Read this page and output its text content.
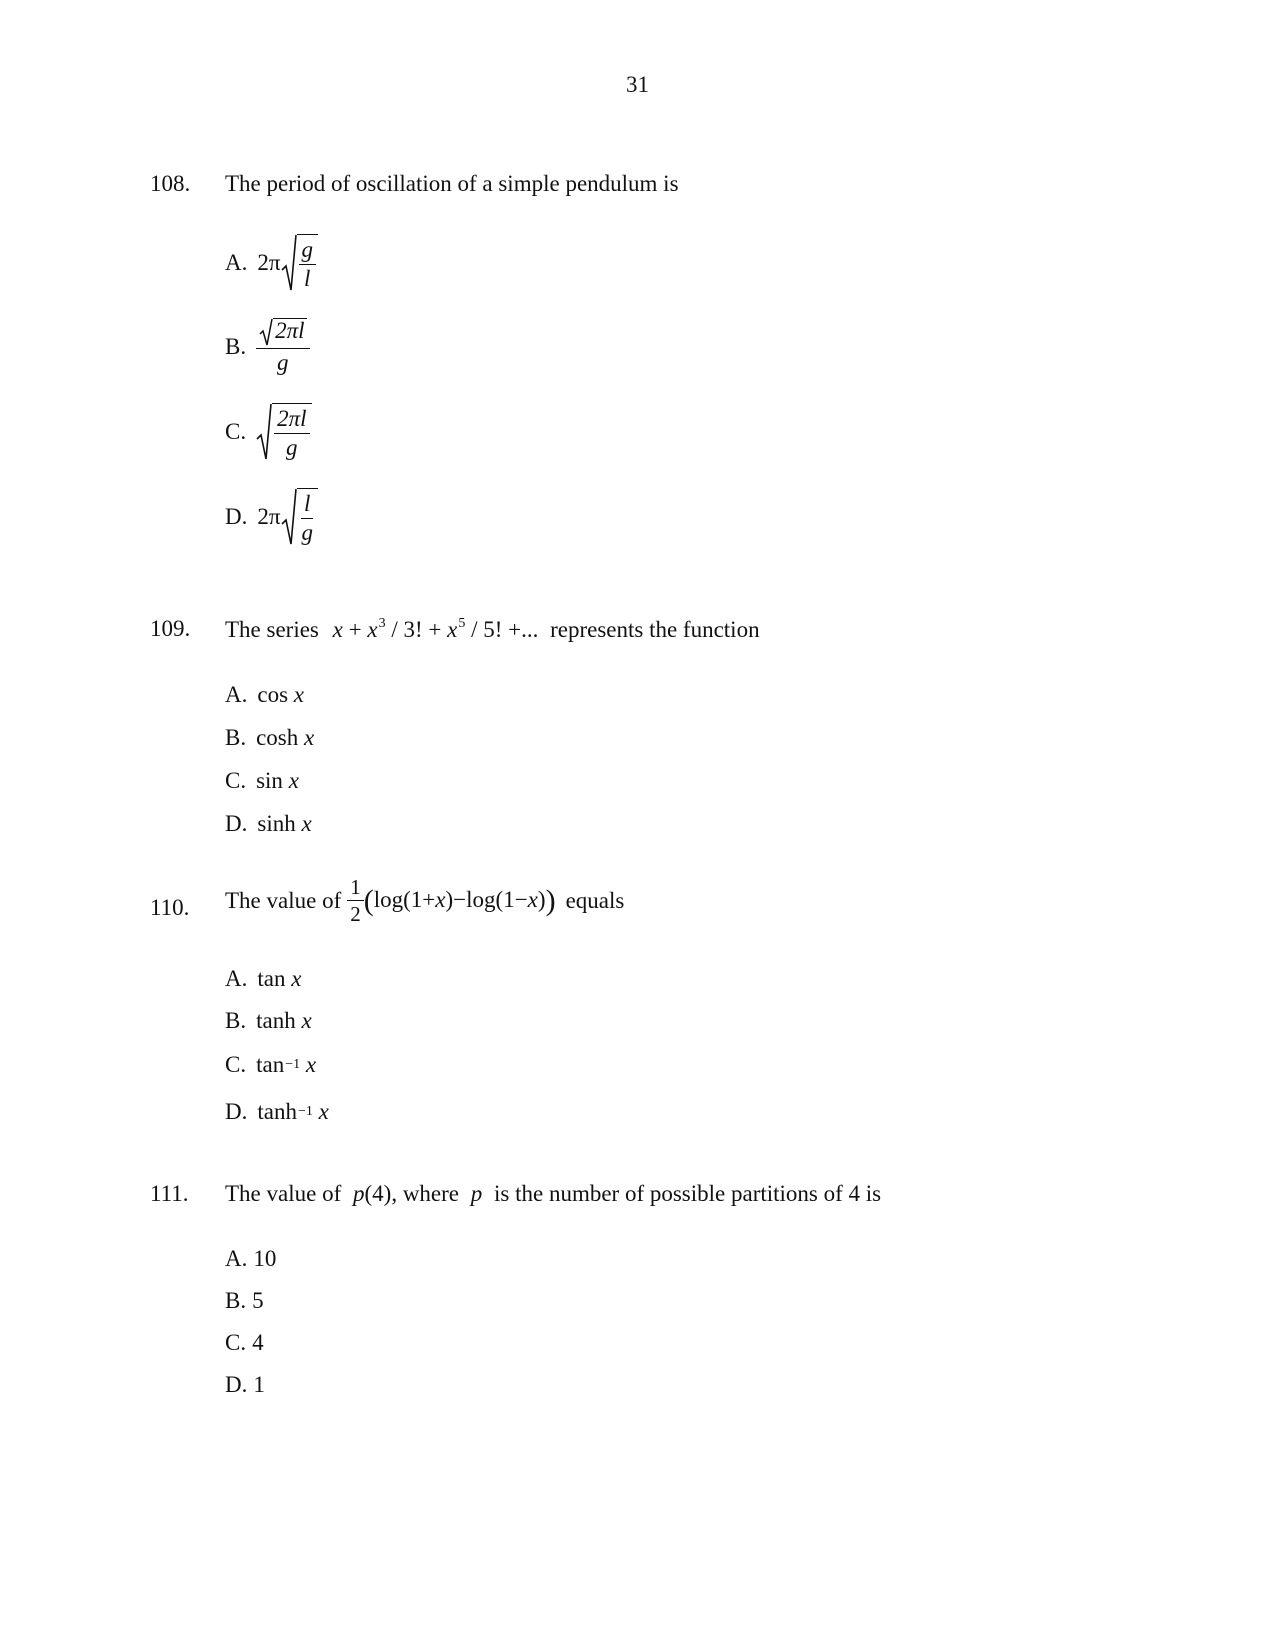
31
108. The period of oscillation of a simple pendulum is
A. $2\pi \frac{g}{l}$
B. $\frac{2\pi l}{g}$
C. $\frac{2\pi l}{g}$
D. $2\pi \frac{l}{g}$
109. The series $x + x^3 / 3$! + $x^5 / 5$! +... represents the function
A. cos
x
B. cosh
x
C. sin
x
D. sinh
x
110. The value of $\frac{1}{2} (\log(1+x)-\log(1-x))$ equals
A. tan
x
B. tanh
x
C. tan −1
x
D. tanh −1
x
111. The value of p(4), where p is the number of possible partitions of 4 is
A. 10
B. 5
C. 4
D. 1
